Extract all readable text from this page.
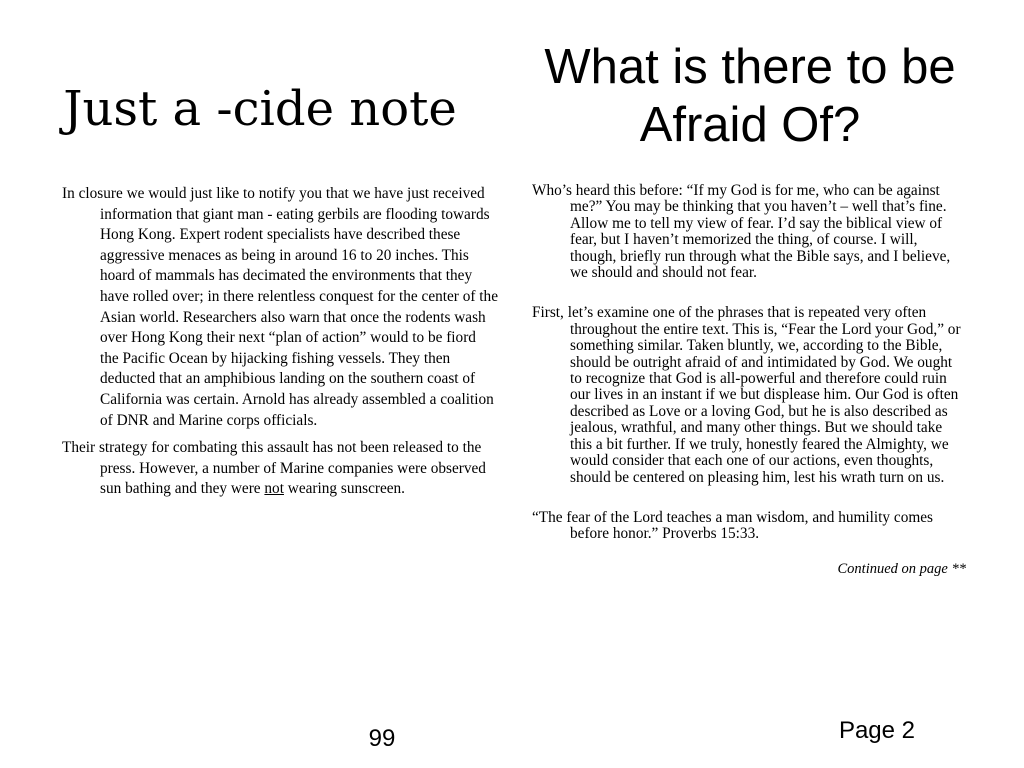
Just a -cide note

In closure we would just like to notify you that we have just received information that giant man - eating gerbils are flooding towards Hong Kong. Expert rodent specialists have described these aggressive menaces as being in around 16 to 20 inches. This hoard of mammals has decimated the environments that they have rolled over; in there relentless conquest for the center of the Asian world. Researchers also warn that once the rodents wash over Hong Kong their next “plan of action” would to be fiord the Pacific Ocean by hijacking fishing vessels. They then deducted that an amphibious landing on the southern coast of California was certain. Arnold has already assembled a coalition of DNR and Marine corps officials.

Their strategy for combating this assault has not been released to the press. However, a number of Marine companies were observed sun bathing and they were not wearing sunscreen.

99
What is there to be Afraid Of?

Who’s heard this before: “If my God is for me, who can be against me?” You may be thinking that you haven’t – well that’s fine. Allow me to tell my view of fear. I’d say the biblical view of fear, but I haven’t memorized the thing, of course. I will, though, briefly run through what the Bible says, and I believe, we should and should not fear.

First, let’s examine one of the phrases that is repeated very often throughout the entire text. This is, “Fear the Lord your God,” or something similar. Taken bluntly, we, according to the Bible, should be outright afraid of and intimidated by God. We ought to recognize that God is all-powerful and therefore could ruin our lives in an instant if we but displease him. Our God is often described as Love or a loving God, but he is also described as jealous, wrathful, and many other things. But we should take this a bit further. If we truly, honestly feared the Almighty, we would consider that each one of our actions, even thoughts, should be centered on pleasing him, lest his wrath turn on us.

“The fear of the Lord teaches a man wisdom, and humility comes before honor.” Proverbs 15:33.

Continued on page **

Page 2
